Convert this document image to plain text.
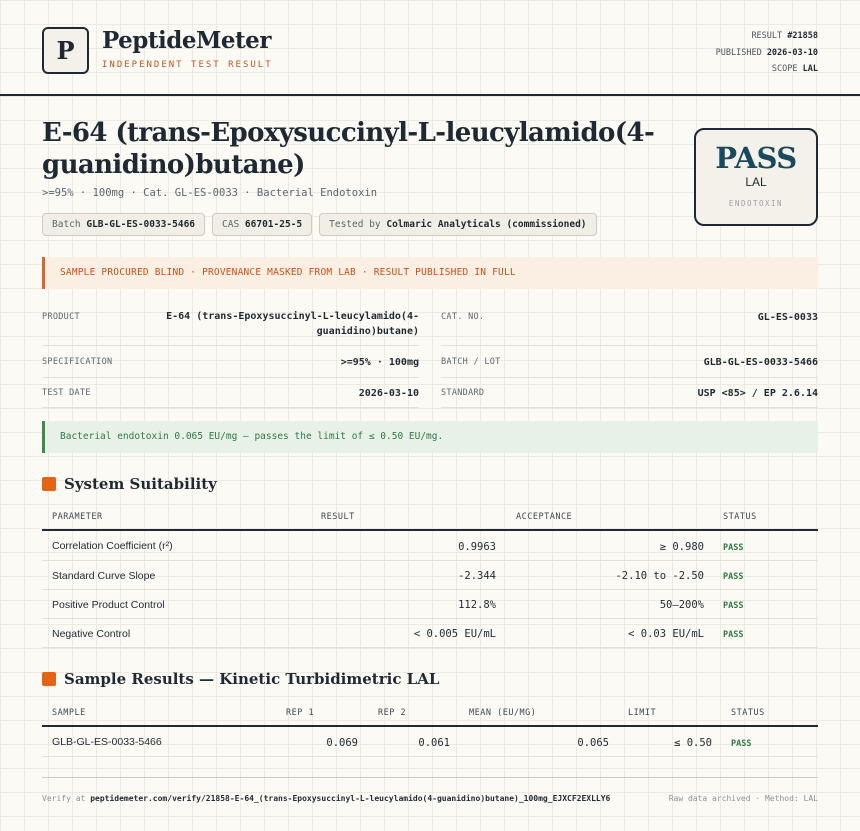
P	PeptideMeter
INDEPENDENT TEST RESULT
RESULT #21858
PUBLISHED 2026-03-10
SCOPE LAL
E-64 (trans-Epoxysuccinyl-L-leucylamido(4-guanidino)butane)
>=95% · 100mg · Cat. GL-ES-0033 · Bacterial Endotoxin
Batch GLB-GL-ES-0033-5466	CAS 66701-25-5	Tested by Colmaric Analyticals (commissioned)
PASS
LAL
ENDOTOXIN
SAMPLE PROCURED BLIND · PROVENANCE MASKED FROM LAB · RESULT PUBLISHED IN FULL
PRODUCT	E-64 (trans-Epoxysuccinyl-L-leucylamido(4-guanidino)butane)
CAT. NO.	GL-ES-0033
SPECIFICATION	>=95% · 100mg	BATCH / LOT	GLB-GL-ES-0033-5466
TEST DATE	2026-03-10	STANDARD	USP <85> / EP 2.6.14
Bacterial endotoxin 0.065 EU/mg — passes the limit of ≤ 0.50 EU/mg.
System Suitability
PARAMETER	RESULT	ACCEPTANCE	STATUS
Correlation Coefficient (r²)	0.9963	≥ 0.980 PASS
Standard Curve Slope	-2.344	-2.10 to -2.50 PASS
Positive Product Control	112.8%	50–200% PASS
Negative Control	< 0.005 EU/mL	< 0.03 EU/mL PASS
Sample Results — Kinetic Turbidimetric LAL
SAMPLE	REP 1	REP 2	MEAN (EU/MG)	LIMIT	STATUS
GLB-GL-ES-0033-5466	0.069	0.061	0.065	≤ 0.50 PASS
Verify at peptidemeter.com/verify/21858-E-64_(trans-Epoxysuccinyl-L-leucylamido(4-guanidino)butane)_100mg_EJXCF2EXLLY6	Raw data archived · Method: LAL
